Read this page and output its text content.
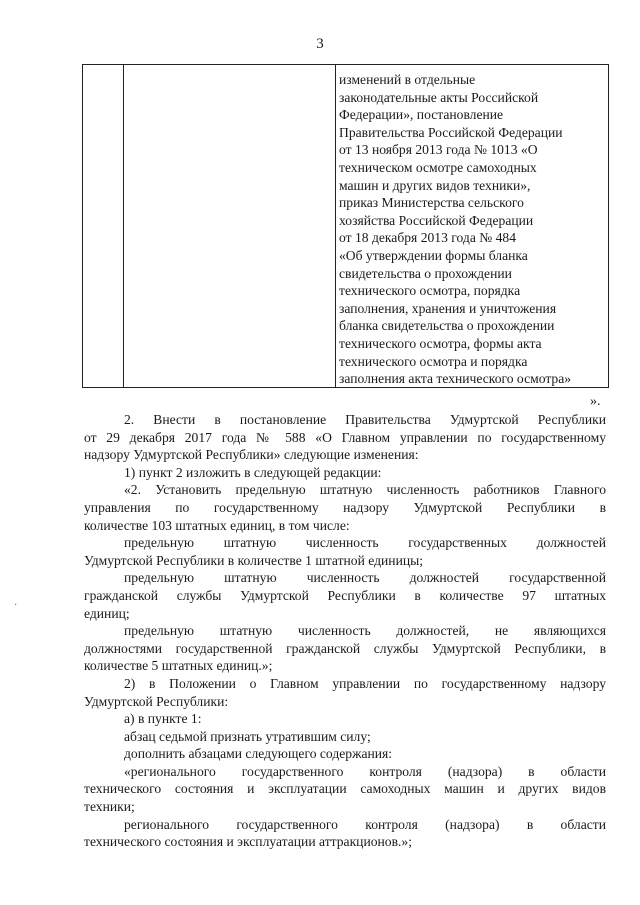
3
изменений в отдельные
законодательные акты Российской
Федерации», постановление
Правительства Российской Федерации
от 13 ноября 2013 года № 1013 «О
техническом осмотре самоходных
машин и других видов техники»,
приказ Министерства сельского
хозяйства Российской Федерации
от 18 декабря 2013 года № 484
«Об утверждении формы бланка
свидетельства о прохождении
технического осмотра, порядка
заполнения, хранения и уничтожения
бланка свидетельства о прохождении
технического осмотра, формы акта
технического осмотра и порядка
заполнения акта технического осмотра»
».
·
2. Внести в постановление Правительства Удмуртской Республики
от 29 декабря 2017 года № 588 «О Главном управлении по государственному
надзору Удмуртской Республики» следующие изменения:
1) пункт 2 изложить в следующей редакции:
«2. Установить предельную штатную численность работников Главного
управления по государственному надзору Удмуртской Республики в
количестве 103 штатных единиц, в том числе:
предельную штатную численность государственных должностей
Удмуртской Республики в количестве 1 штатной единицы;
предельную штатную численность должностей государственной
гражданской службы Удмуртской Республики в количестве 97 штатных
единиц;
предельную штатную численность должностей, не являющихся
должностями государственной гражданской службы Удмуртской Республики, в
количестве 5 штатных единиц.»;
2) в Положении о Главном управлении по государственному надзору
Удмуртской Республики:
а) в пункте 1:
абзац седьмой признать утратившим силу;
дополнить абзацами следующего содержания:
«регионального государственного контроля (надзора) в области
технического состояния и эксплуатации самоходных машин и других видов
техники;
регионального государственного контроля (надзора) в области
технического состояния и эксплуатации аттракционов.»;
